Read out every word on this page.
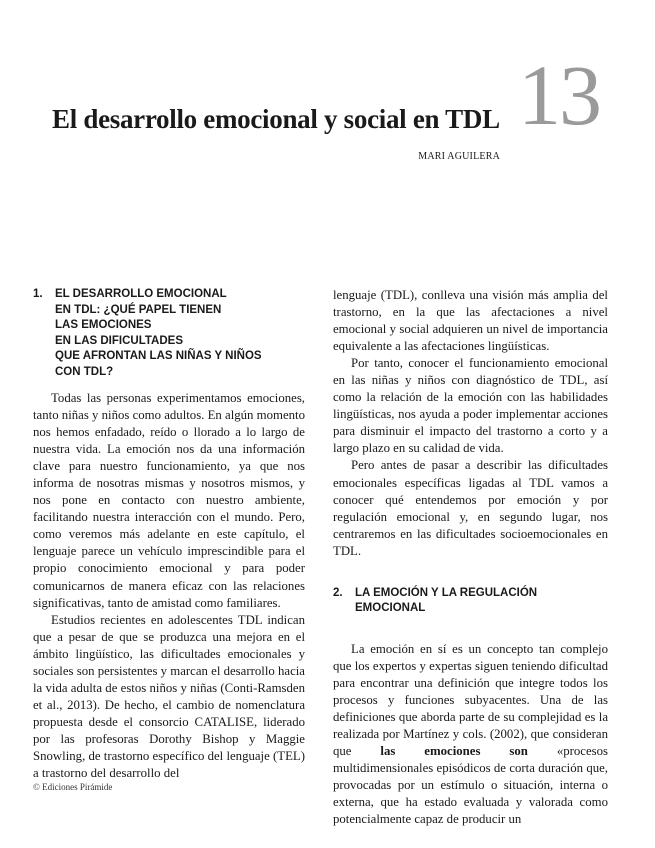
13
El desarrollo emocional y social en TDL
MARI AGUILERA
1.	EL DESARROLLO EMOCIONAL
EN TDL: ¿QUÉ PAPEL TIENEN
LAS EMOCIONES
EN LAS DIFICULTADES
QUE AFRONTAN LAS NIÑAS Y NIÑOS
CON TDL?

Todas las personas experimentamos emociones, tanto niñas y niños como adultos. En algún momento nos hemos enfadado, reído o llorado a lo largo de nuestra vida. La emoción nos da una información clave para nuestro funcionamiento, ya que nos informa de nosotras mismas y nosotros mismos, y nos pone en contacto con nuestro ambiente, facilitando nuestra interacción con el mundo. Pero, como veremos más adelante en este capítulo, el lenguaje parece un vehículo imprescindible para el propio conocimiento emocional y para poder comunicarnos de manera eficaz con las relaciones significativas, tanto de amistad como familiares.

Estudios recientes en adolescentes TDL indican que a pesar de que se produzca una mejora en el ámbito lingüístico, las dificultades emocionales y sociales son persistentes y marcan el desarrollo hacia la vida adulta de estos niños y niñas (Conti-Ramsden et al., 2013). De hecho, el cambio de nomenclatura propuesta desde el consorcio CATALISE, liderado por las profesoras Dorothy Bishop y Maggie Snowling, de trastorno específico del lenguaje (TEL) a trastorno del desarrollo del

lenguaje (TDL), conlleva una visión más amplia del trastorno, en la que las afectaciones a nivel emocional y social adquieren un nivel de importancia equivalente a las afectaciones lingüísticas.

Por tanto, conocer el funcionamiento emocional en las niñas y niños con diagnóstico de TDL, así como la relación de la emoción con las habilidades lingüísticas, nos ayuda a poder implementar acciones para disminuir el impacto del trastorno a corto y a largo plazo en su calidad de vida.

Pero antes de pasar a describir las dificultades emocionales específicas ligadas al TDL vamos a conocer qué entendemos por emoción y por regulación emocional y, en segundo lugar, nos centraremos en las dificultades socioemocionales en TDL.

2.	LA EMOCIÓN Y LA REGULACIÓN
EMOCIONAL

La emoción en sí es un concepto tan complejo que los expertos y expertas siguen teniendo dificultad para encontrar una definición que integre todos los procesos y funciones subyacentes. Una de las definiciones que aborda parte de su complejidad es la realizada por Martínez y cols. (2002), que consideran que las emociones son «procesos multidimensionales episódicos de corta duración que, provocadas por un estímulo o situación, interna o externa, que ha estado evaluada y valorada como potencialmente capaz de producir un

© Ediciones Pirámide
